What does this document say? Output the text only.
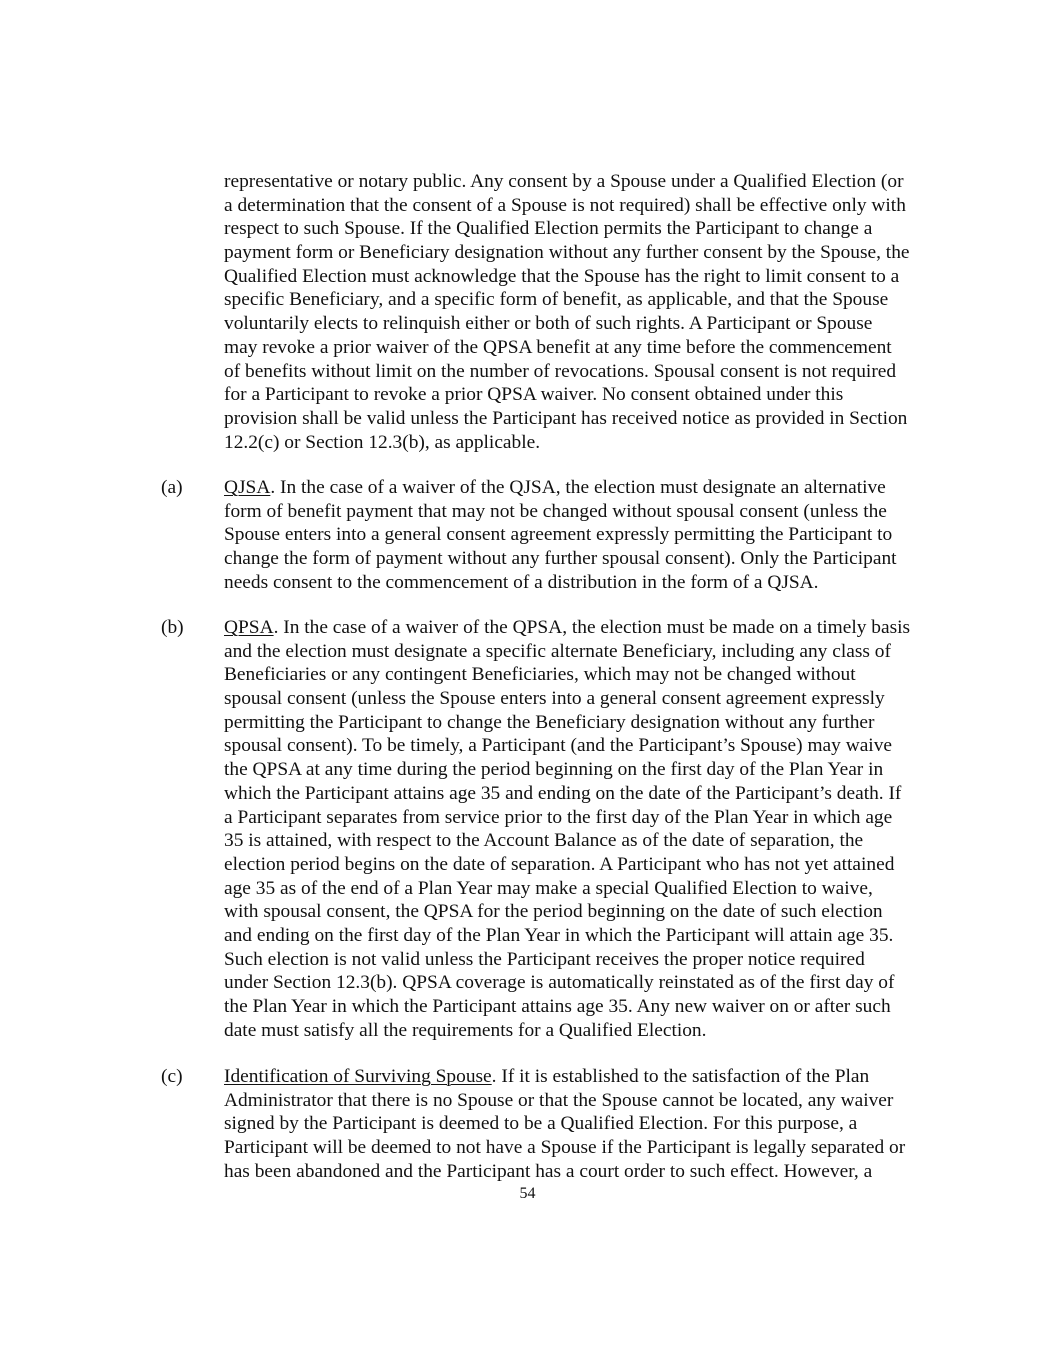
representative or notary public. Any consent by a Spouse under a Qualified Election (or
a determination that the consent of a Spouse is not required) shall be effective only with
respect to such Spouse. If the Qualified Election permits the Participant to change a
payment form or Beneficiary designation without any further consent by the Spouse, the
Qualified Election must acknowledge that the Spouse has the right to limit consent to a
specific Beneficiary, and a specific form of benefit, as applicable, and that the Spouse
voluntarily elects to relinquish either or both of such rights. A Participant or Spouse
may revoke a prior waiver of the QPSA benefit at any time before the commencement
of benefits without limit on the number of revocations. Spousal consent is not required
for a Participant to revoke a prior QPSA waiver. No consent obtained under this
provision shall be valid unless the Participant has received notice as provided in Section
12.2(c) or Section 12.3(b), as applicable.
(a) QJSA. In the case of a waiver of the QJSA, the election must designate an alternative
form of benefit payment that may not be changed without spousal consent (unless the
Spouse enters into a general consent agreement expressly permitting the Participant to
change the form of payment without any further spousal consent). Only the Participant
needs consent to the commencement of a distribution in the form of a QJSA.
(b) QPSA. In the case of a waiver of the QPSA, the election must be made on a timely basis
and the election must designate a specific alternate Beneficiary, including any class of
Beneficiaries or any contingent Beneficiaries, which may not be changed without
spousal consent (unless the Spouse enters into a general consent agreement expressly
permitting the Participant to change the Beneficiary designation without any further
spousal consent). To be timely, a Participant (and the Participant’s Spouse) may waive
the QPSA at any time during the period beginning on the first day of the Plan Year in
which the Participant attains age 35 and ending on the date of the Participant’s death. If
a Participant separates from service prior to the first day of the Plan Year in which age
35 is attained, with respect to the Account Balance as of the date of separation, the
election period begins on the date of separation. A Participant who has not yet attained
age 35 as of the end of a Plan Year may make a special Qualified Election to waive,
with spousal consent, the QPSA for the period beginning on the date of such election
and ending on the first day of the Plan Year in which the Participant will attain age 35.
Such election is not valid unless the Participant receives the proper notice required
under Section 12.3(b). QPSA coverage is automatically reinstated as of the first day of
the Plan Year in which the Participant attains age 35. Any new waiver on or after such
date must satisfy all the requirements for a Qualified Election.
(c) Identification of Surviving Spouse. If it is established to the satisfaction of the Plan
Administrator that there is no Spouse or that the Spouse cannot be located, any waiver
signed by the Participant is deemed to be a Qualified Election. For this purpose, a
Participant will be deemed to not have a Spouse if the Participant is legally separated or
has been abandoned and the Participant has a court order to such effect. However, a
54
